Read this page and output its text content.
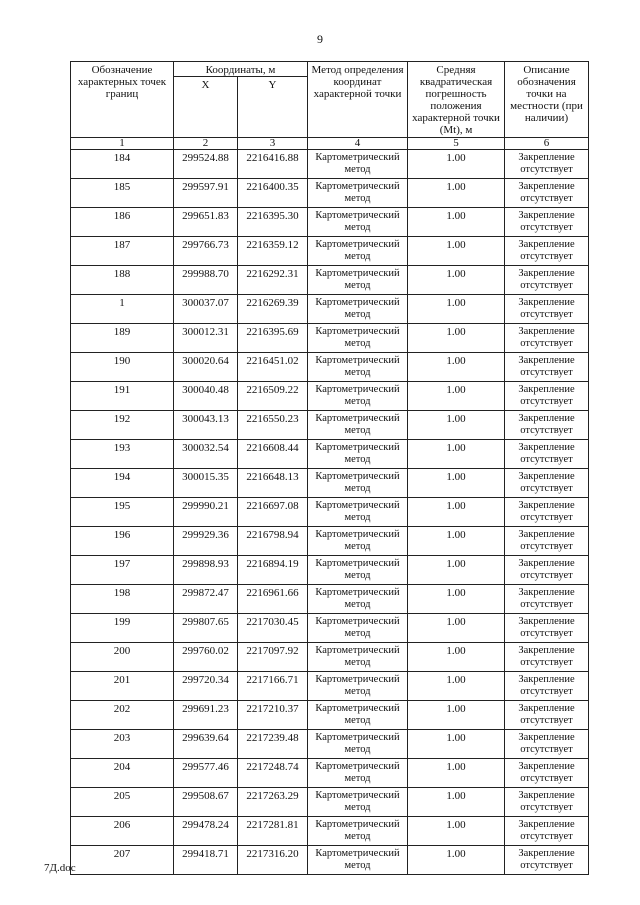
9
Обозначение характерных точек границ	Координаты, м		Метод определения координат характерной точки	Средняя квадратическая погрешность положения характерной точки (Mt), м	Описание обозначения точки на местности (при наличии)
	X	Y			
1	2	3	4	5	6
184	299524.88	2216416.88	Картометрический метод	1.00	Закрепление отсутствует
185	299597.91	2216400.35	Картометрический метод	1.00	Закрепление отсутствует
186	299651.83	2216395.30	Картометрический метод	1.00	Закрепление отсутствует
187	299766.73	2216359.12	Картометрический метод	1.00	Закрепление отсутствует
188	299988.70	2216292.31	Картометрический метод	1.00	Закрепление отсутствует
1	300037.07	2216269.39	Картометрический метод	1.00	Закрепление отсутствует
189	300012.31	2216395.69	Картометрический метод	1.00	Закрепление отсутствует
190	300020.64	2216451.02	Картометрический метод	1.00	Закрепление отсутствует
191	300040.48	2216509.22	Картометрический метод	1.00	Закрепление отсутствует
192	300043.13	2216550.23	Картометрический метод	1.00	Закрепление отсутствует
193	300032.54	2216608.44	Картометрический метод	1.00	Закрепление отсутствует
194	300015.35	2216648.13	Картометрический метод	1.00	Закрепление отсутствует
195	299990.21	2216697.08	Картометрический метод	1.00	Закрепление отсутствует
196	299929.36	2216798.94	Картометрический метод	1.00	Закрепление отсутствует
197	299898.93	2216894.19	Картометрический метод	1.00	Закрепление отсутствует
198	299872.47	2216961.66	Картометрический метод	1.00	Закрепление отсутствует
199	299807.65	2217030.45	Картометрический метод	1.00	Закрепление отсутствует
200	299760.02	2217097.92	Картометрический метод	1.00	Закрепление отсутствует
201	299720.34	2217166.71	Картометрический метод	1.00	Закрепление отсутствует
202	299691.23	2217210.37	Картометрический метод	1.00	Закрепление отсутствует
203	299639.64	2217239.48	Картометрический метод	1.00	Закрепление отсутствует
204	299577.46	2217248.74	Картометрический метод	1.00	Закрепление отсутствует
205	299508.67	2217263.29	Картометрический метод	1.00	Закрепление отсутствует
206	299478.24	2217281.81	Картометрический метод	1.00	Закрепление отсутствует
207	299418.71	2217316.20	Картометрический метод	1.00	Закрепление отсутствует
7Д.doc
